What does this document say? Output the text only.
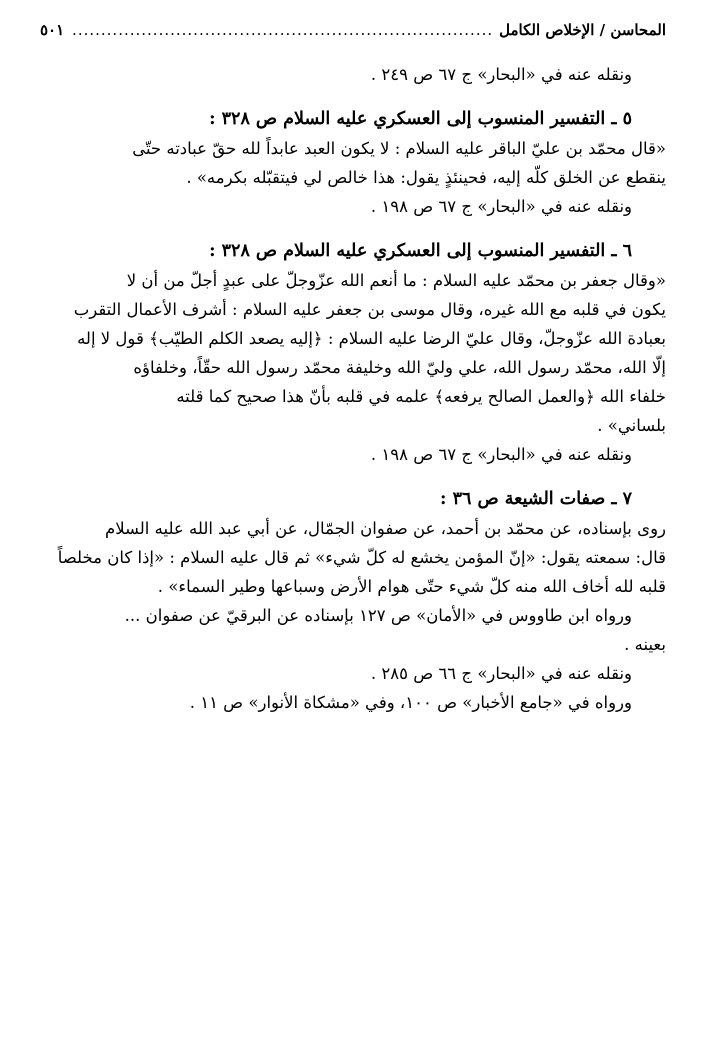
المحاسن / الإخلاص الكامل
.....
٥٠١
ونقله عنه في «البحار» ج ٦٧ ص ٢٤٩ .
٥ ـ التفسير المنسوب إلى العسكري عليه السلام ص ٣٢٨ :
«قال محمّد بن عليّ الباقر عليه السلام : لا يكون العبد عابداً لله حقّ عبادته حتّى
ينقطع عن الخلق كلّه إليه، فحينئذٍ يقول: هذا خالص لي فيتقبّله بكرمه» .
ونقله عنه في «البحار» ج ٦٧ ص ١٩٨ .
٦ ـ التفسير المنسوب إلى العسكري عليه السلام ص ٣٢٨ :
«وقال جعفر بن محمّد عليه السلام : ما أنعم الله عزّوجلّ على عبدٍ أجلّ من أن لا
يكون في قلبه مع الله غيره، وقال موسى بن جعفر عليه السلام : أشرف الأعمال التقرب
بعبادة الله عزّوجلّ، وقال عليّ الرضا عليه السلام : ﴿إليه يصعد الكلم الطيّب﴾ قول لا إله
إلّا الله، محمّد رسول الله، علي وليّ الله وخليفة محمّد رسول الله حقّاً، وخلفاؤه
خلفاء الله ﴿والعمل الصالح يرفعه﴾ علمه في قلبه بأنّ هذا صحيح كما قلته
بلساني» .
ونقله عنه في «البحار» ج ٦٧ ص ١٩٨ .
٧ ـ صفات الشيعة ص ٣٦ :
روى بإسناده، عن محمّد بن أحمد، عن صفوان الجمّال، عن أبي عبد الله عليه السلام
قال: سمعته يقول: «إنّ المؤمن يخشع له كلّ شيء» ثم قال عليه السلام : «إذا كان مخلصاً
قلبه لله أخاف الله منه كلّ شيء حتّى هوام الأرض وسباعها وطير السماء» .
ورواه ابن طاووس في «الأمان» ص ١٢٧ بإسناده عن البرقيّ عن صفوان ...
بعينه .
ونقله عنه في «البحار» ج ٦٦ ص ٢٨٥ .
ورواه في «جامع الأخبار» ص ١٠٠، وفي «مشكاة الأنوار» ص ١١ .
